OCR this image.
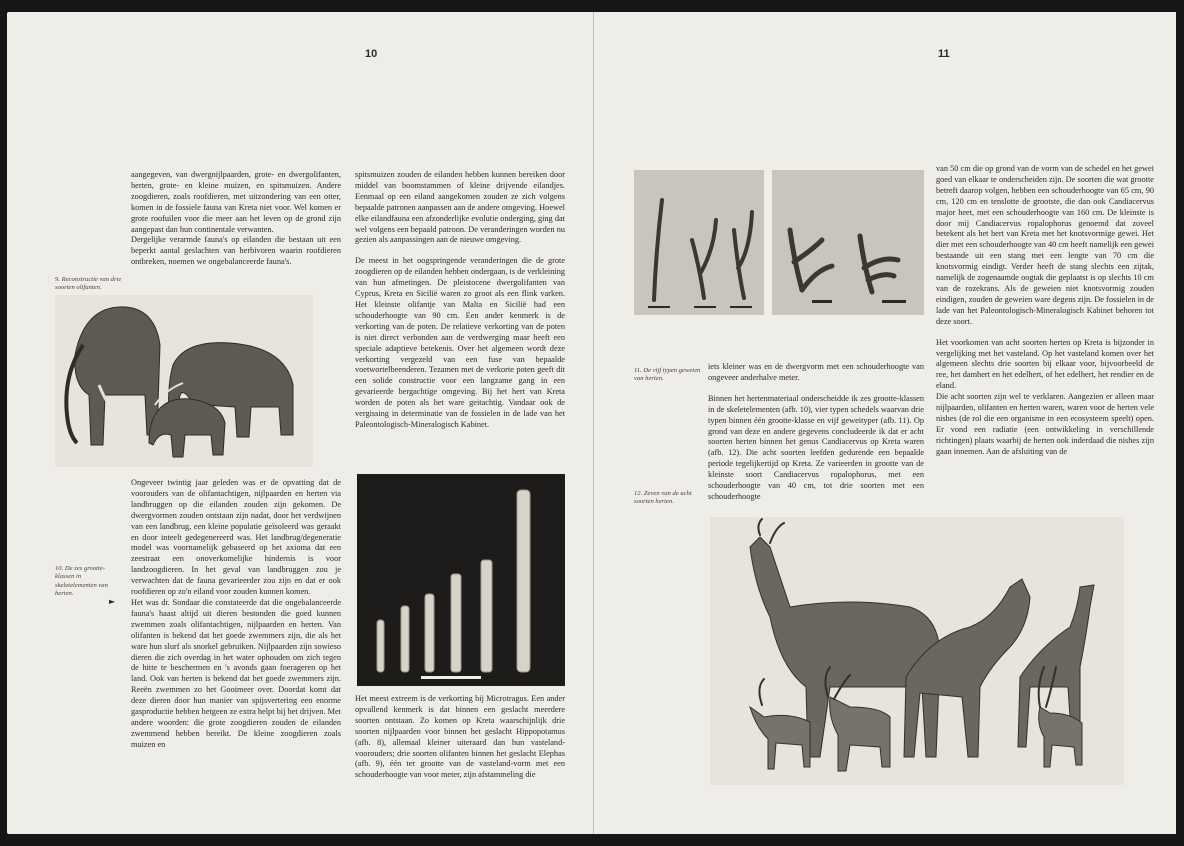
10

aangegeven, van dwergnijlpaarden, grote- en dwergolifanten, herten, grote- en kleine muizen, en spitsmuizen. Andere zoogdieren, zoals roofdieren, met uitzondering van een otter, komen in de fossiele fauna van Kreta niet voor. Wel komen er grote roofuilen voor die meer aan het leven op de grond zijn aangepast dan hun continentale verwanten.

Dergelijke verarmde fauna's op eilanden die bestaan uit een beperkt aantal geslachten van herbivoren waarin roofdieren ontbreken, noemen we ongebalanceerde fauna's.

9. Reconstructie van drie soorten olifanten.

Ongeveer twintig jaar geleden was er de opvatting dat de voorouders van de olifantachtigen, nijlpaarden en herten via landbruggen op die eilanden zouden zijn gekomen. De dwergvormen zouden ontstaan zijn nadat, door het verdwijnen van een landbrug, een kleine populatie geïsoleerd was geraakt en door inteelt gedegenereerd was. Het landbrug/degeneratie model was voornamelijk gebaseerd op het axioma dat een zeestraat een onoverkomelijke hindernis is voor landzoogdieren. In het geval van landbruggen zou je verwachten dat de fauna gevarieerder zou zijn en dat er ook roofdieren op zo'n eiland voor zouden kunnen komen.

Het was dr. Sondaar die constateerde dat die ongebalanceerde fauna's haast altijd uit dieren bestonden die goed kunnen zwemmen zoals olifantachtigen, nijlpaarden en herten. Van olifanten is bekend dat het goede zwemmers zijn, die als het ware hun slurf als snorkel gebruiken. Nijlpaarden zijn sowieso dieren die zich overdag in het water ophouden om zich tegen de hitte te beschermen en 's avonds gaan foerageren op het land. Ook van herten is bekend dat het goede zwemmers zijn. Reeën zwemmen zo het Gooimeer over. Doordat komt dat deze dieren door hun manier van spijsvertering een enorme gasproductie hebben hetgeen ze extra helpt bij het drijven. Met andere woorden: die grote zoogdieren zouden de eilanden zwemmend hebben bereikt. De kleine zoogdieren zoals muizen en

10. De zes grootte-klassen in skeletelementen van herten.
►

spitsmuizen zouden de eilanden hebben kunnen bereiken door middel van boomstammen of kleine drijvende eilandjes. Eenmaal op een eiland aangekomen zouden ze zich volgens bepaalde patronen aanpassen aan de andere omgeving. Hoewel elke eilandfauna een afzonderlijke evolutie onderging, ging dat wel volgens een bepaald patroon. De veranderingen worden nu gezien als aanpassingen aan de nieuwe omgeving.

De meest in het oogspringende veranderingen die de grote zoogdieren op de eilanden hebben ondergaan, is de verkleining van hun afmetingen. De pleistocene dwergolifanten van Cyprus, Kreta en Sicilië waren zo groot als een flink varken. Het kleinste olifantje van Malta en Sicilië had een schouderhoogte van 90 cm. Een ander kenmerk is de verkorting van de poten. De relatieve verkorting van de poten is niet direct verbonden aan de verdwerging maar heeft een speciale adaptieve betekenis. Over het algemeen wordt deze verkorting vergezeld van een fuse van bepaalde voetwortelbeenderen. Tezamen met de verkorte poten geeft dit een solide constructie voor een langzame gang in een gevarieerde bergachtige omgeving. Bij het hert van Kreta worden de poten als het ware geitachtig. Vandaar ook de vergissing in determinatie van de fossielen in de lade van het Paleontologisch-Mineralogisch Kabinet.

Het meest extreem is de verkorting bij Microtragus. Een ander opvallend kenmerk is dat binnen een geslacht meerdere soorten ontstaan. Zo komen op Kreta waarschijnlijk drie soorten nijlpaarden voor binnen het geslacht Hippopotamus (afb. 8), allemaal kleiner uiteraard dan hun vasteland-voorouders; drie soorten olifanten binnen het geslacht Elephas (afb. 9), één ter grootte van de vasteland-vorm met een schouderhoogte van voor meter, zijn afstammeling die
11
11. De vijf typen geweien van herten.

iets kleiner was en de dwergvorm met een schouderhoogte van ongeveer anderhalve meter.

Binnen het hertenmateriaal onderscheidde ik zes grootte-klassen in de skeletelementen (afb. 10), vier typen schedels waarvan drie typen binnen één grootte-klasse en vijf geweityper (afb. 11). Op grond van deze en andere gegevens concludeerde ik dat er acht soorten herten binnen het genus Candiacervus op Kreta waren (afb. 12). Die acht soorten leefden gedurende een bepaalde periode tegelijkertijd op Kreta. Ze varieerden in grootte van de kleinste soort Candiacervus ropalophorus, met een schouderhoogte van 40 cm, tot drie soorten met een schouderhoogte

12. Zeven van de acht soorten herten.

van 50 cm die op grond van de vorm van de schedel en het gewei goed van elkaar te onderscheiden zijn. De soorten die wat grootte betreft daarop volgen, hebben een schouderhoogte van 65 cm, 90 cm, 120 cm en tenslotte de grootste, die dan ook Candiacervus major heet, met een schouderhoogte van 160 cm. De kleinste is door mij Candiacervus ropalophorus genoemd dat zoveel betekent als het hert van Kreta met het knotsvormige gewei. Het dier met een schouderhoogte van 40 cm heeft namelijk een gewei bestaande uit een stang met een lengte van 70 cm die knotsvormig eindigt. Verder heeft de stang slechts een zijtak, namelijk de zogenaamde oogtak die geplaatst is op slechts 10 cm van de rozekrans. Als de geweien niet knotsvormig zouden eindigen, zouden de geweien ware degens zijn. De fossielen in de lade van het Paleontologisch-Mineralogisch Kabinet behoren tot deze soort.

Het voorkomen van acht soorten herten op Kreta is bijzonder in vergelijking met het vasteland. Op het vasteland komen over het algemeen slechts drie soorten bij elkaar voor, bijvoorbeeld de ree, het damhert en het edelhert, of het edelhert, het rendier en de eland.

Die acht soorten zijn wel te verklaren. Aangezien er alleen maar nijlpaarden, olifanten en herten waren, waren voor de herten vele nishes (de rol die een organisme in een ecosysteem speelt) open. Er vond een radiatie (een ontwikkeling in verschillende richtingen) plaats waarbij de herten ook inderdaad die nishes zijn gaan innemen. Aan de afsluiting van de
